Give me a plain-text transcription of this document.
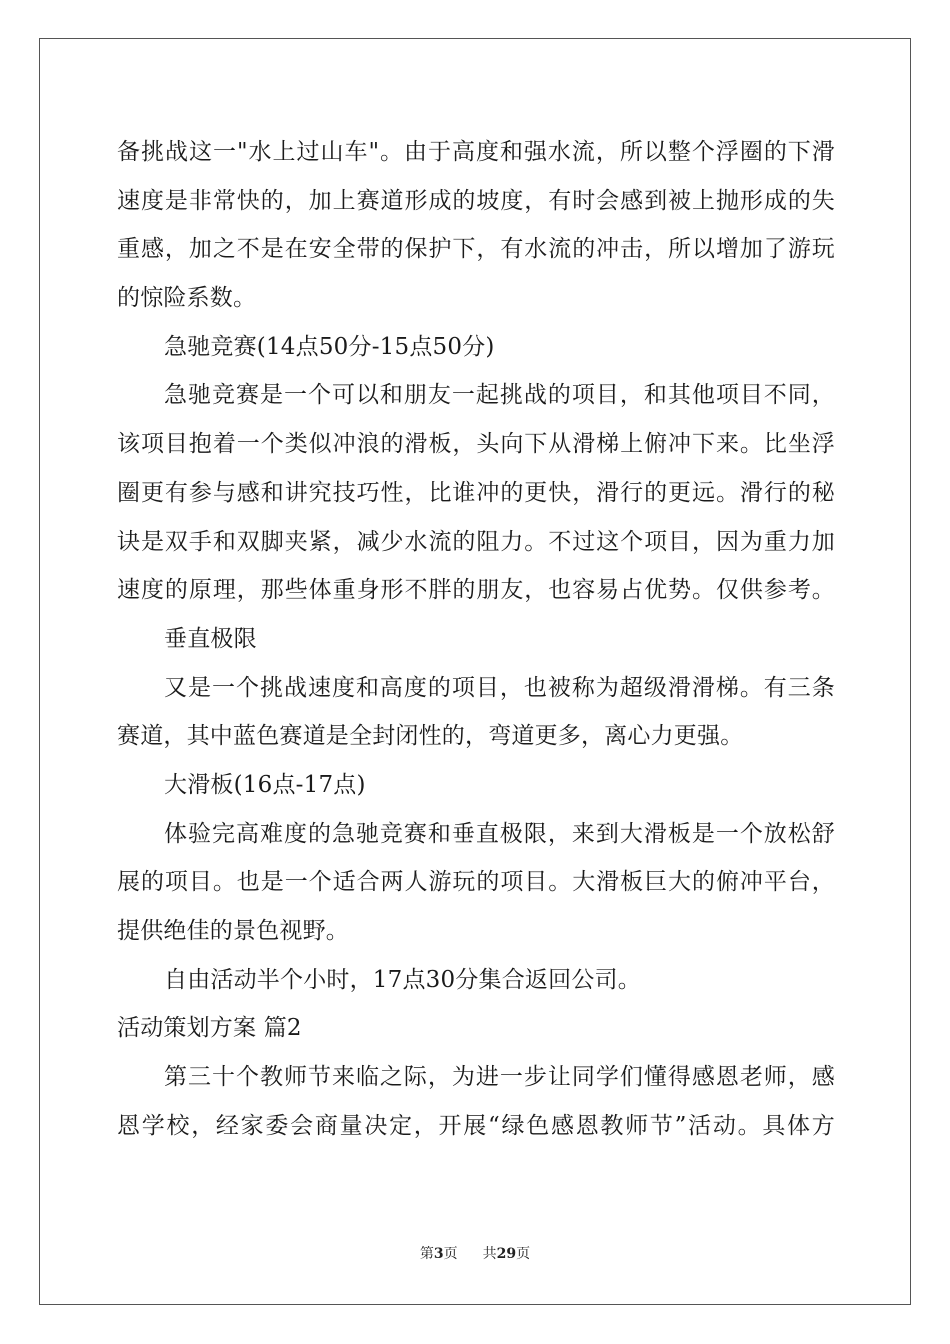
备挑战这一"水上过山车"。由于高度和强水流，所以整个浮圈的下滑
速度是非常快的，加上赛道形成的坡度，有时会感到被上抛形成的失
重感，加之不是在安全带的保护下，有水流的冲击，所以增加了游玩
的惊险系数。
急驰竞赛(14点50分-15点50分)
急驰竞赛是一个可以和朋友一起挑战的项目，和其他项目不同，
该项目抱着一个类似冲浪的滑板，头向下从滑梯上俯冲下来。比坐浮
圈更有参与感和讲究技巧性，比谁冲的更快，滑行的更远。滑行的秘
诀是双手和双脚夹紧，减少水流的阻力。不过这个项目，因为重力加
速度的原理，那些体重身形不胖的朋友，也容易占优势。仅供参考。
垂直极限
又是一个挑战速度和高度的项目，也被称为超级滑滑梯。有三条
赛道，其中蓝色赛道是全封闭性的，弯道更多，离心力更强。
大滑板(16点-17点)
体验完高难度的急驰竞赛和垂直极限，来到大滑板是一个放松舒
展的项目。也是一个适合两人游玩的项目。大滑板巨大的俯冲平台，
提供绝佳的景色视野。
自由活动半个小时，17点30分集合返回公司。
活动策划方案 篇2
第三十个教师节来临之际，为进一步让同学们懂得感恩老师，感
恩学校，经家委会商量决定，开展“绿色感恩教师节”活动。具体方
第3页 共29页
